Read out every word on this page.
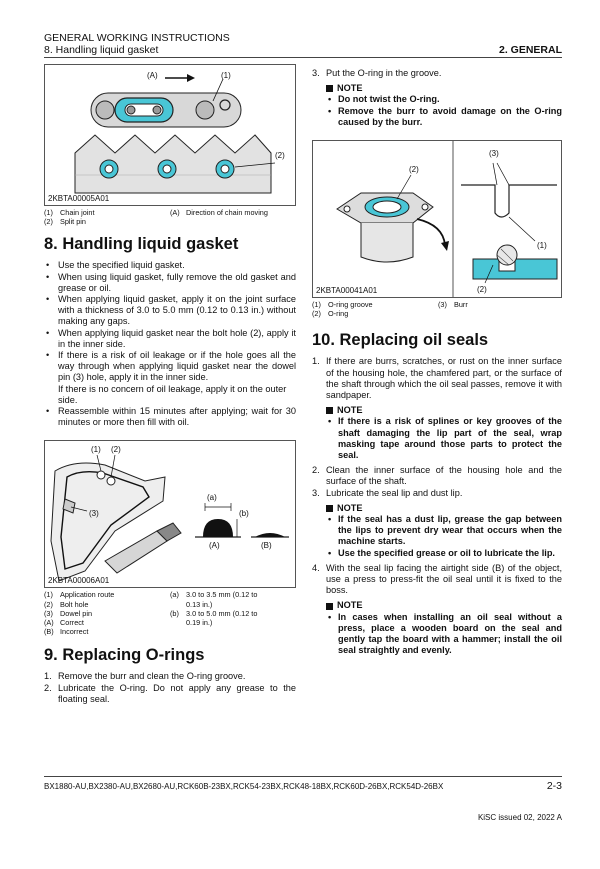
GENERAL WORKING INSTRUCTIONS
8. Handling liquid gasket	2. GENERAL
(A)	(1)
(2)
2KBTA00005A01
(1)	Chain joint	(A)	Direction of chain moving
(2)	Split pin		
8. Handling liquid gasket
• Use the specified liquid gasket.
• When using liquid gasket, fully remove the old gasket and grease or oil.
• When applying liquid gasket, apply it on the joint surface with a thickness of 3.0 to 5.0 mm (0.12 to 0.13 in.) without making any gaps.
• When applying liquid gasket near the bolt hole (2), apply it in the inner side.
• If there is a risk of oil leakage or if the hole goes all the way through when applying liquid gasket near the dowel pin (3) hole, apply it in the inner side.
If there is no concern of oil leakage, apply it on the outer side.
• Reassemble within 15 minutes after applying; wait for 30 minutes or more then fill with oil.
(1) (2)
(3)
(a)
(b)
(A)	(B)
2KBTA00006A01
(1)	Application route	(a)	3.0 to 3.5 mm (0.12 to
(2)	Bolt hole		0.13 in.)
(3)	Dowel pin	(b)	3.0 to 5.0 mm (0.12 to
(A)	Correct		0.19 in.)
(B)	Incorrect		
9. Replacing O-rings
1. Remove the burr and clean the O-ring groove.
2. Lubricate the O-ring. Do not apply any grease to the floating seal.
3. Put the O-ring in the groove.
NOTE
• Do not twist the O-ring.
• Remove the burr to avoid damage on the O-ring caused by the burr.
(2)
(3)
(1)
(2)
2KBTA00041A01
(1)	O-ring groove	(3)	Burr
(2)	O-ring		
10. Replacing oil seals
1. If there are burrs, scratches, or rust on the inner surface of the housing hole, the chamfered part, or the surface of the shaft through which the oil seal passes, remove it with sandpaper.
NOTE
• If there is a risk of splines or key grooves of the shaft damaging the lip part of the seal, wrap masking tape around those parts to protect the seal.
2. Clean the inner surface of the housing hole and the surface of the shaft.
3. Lubricate the seal lip and dust lip.
NOTE
• If the seal has a dust lip, grease the gap between the lips to prevent dry wear that occurs when the machine starts.
• Use the specified grease or oil to lubricate the lip.
4. With the seal lip facing the airtight side (B) of the object, use a press to press-fit the oil seal until it is fixed to the boss.
NOTE
• In cases when installing an oil seal without a press, place a wooden board on the seal and gently tap the board with a hammer; install the oil seal straightly and evenly.
BX1880-AU,BX2380-AU,BX2680-AU,RCK60B-23BX,RCK54-23BX,RCK48-18BX,RCK60D-26BX,RCK54D-26BX	2-3
KiSC issued 02, 2022 A
